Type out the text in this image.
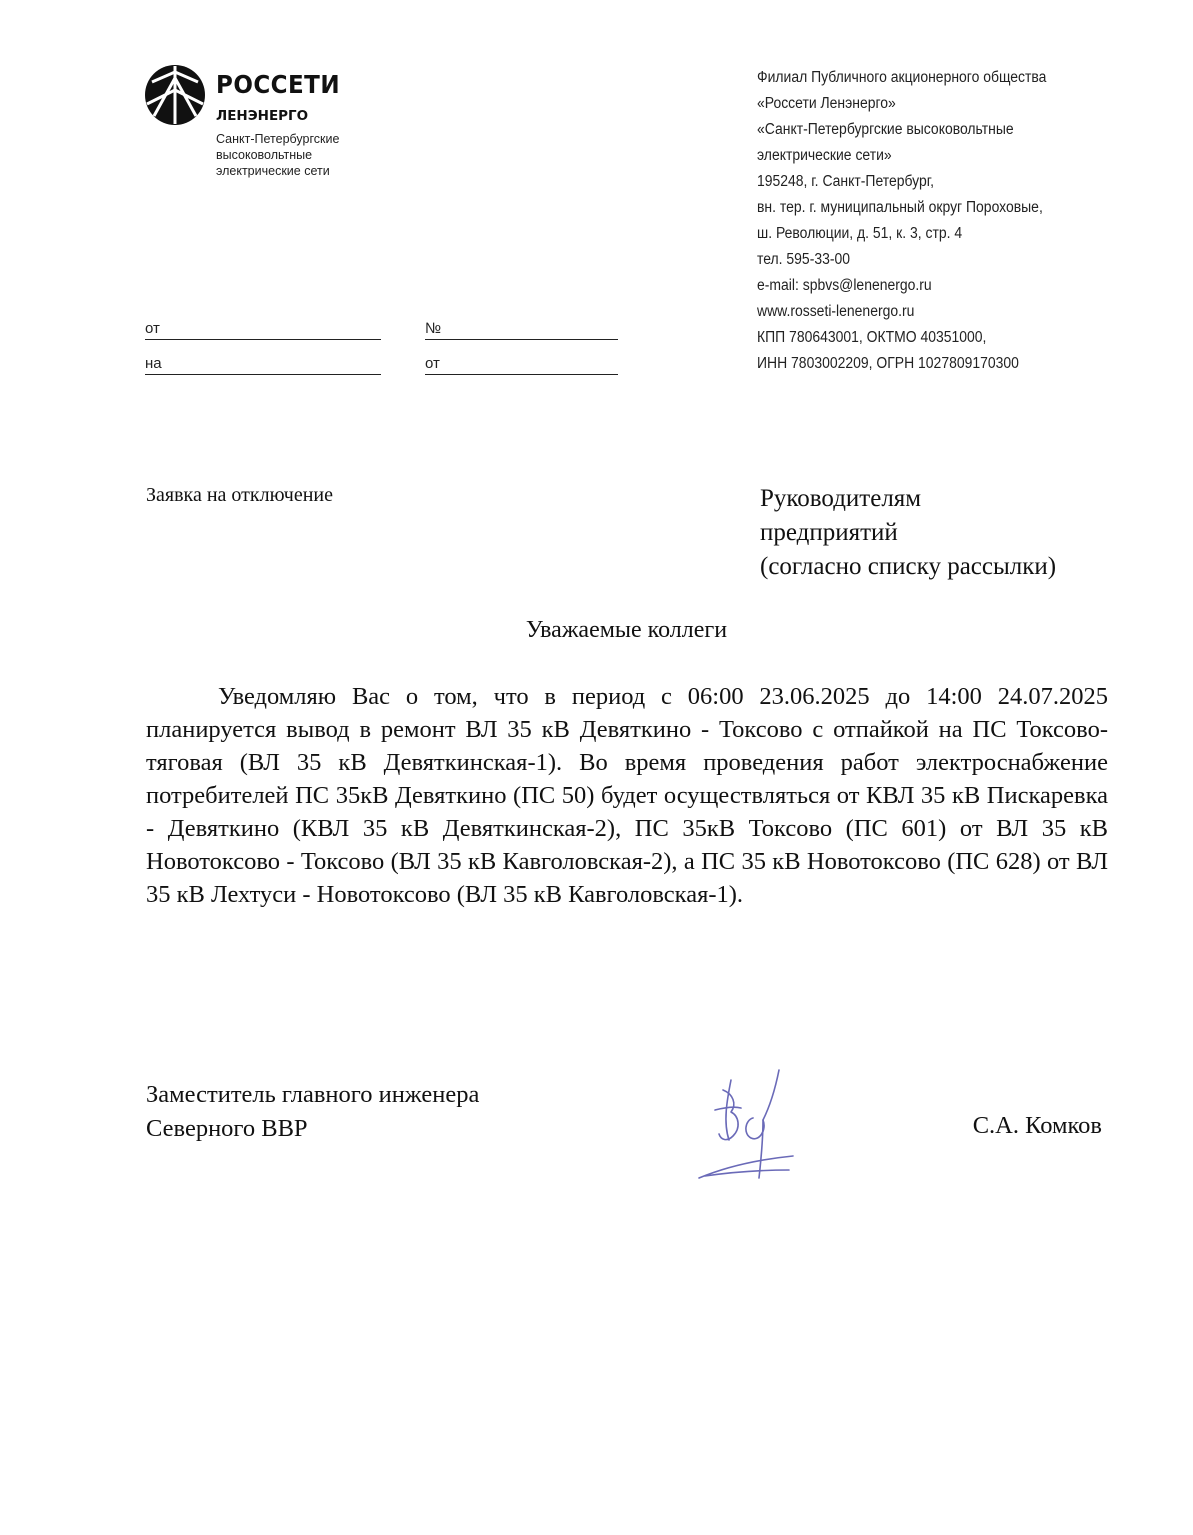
РОССЕТИ
ЛЕНЭНЕРГО
Санкт-Петербургские
высоковольтные
электрические сети
Филиал Публичного акционерного общества
«Россети Ленэнерго»
«Санкт-Петербургские высоковольтные
электрические сети»
195248, г. Санкт-Петербург,
вн. тер. г. муниципальный округ Пороховые,
ш. Революции, д. 51, к. 3, стр. 4
тел. 595-33-00
e-mail: spbvs@lenenergo.ru
www.rosseti-lenenergo.ru
КПП 780643001, ОКТМО 40351000,
ИНН 7803002209, ОГРН 1027809170300
от	№
на	от
Заявка на отключение	Руководителям
предприятий
(согласно списку рассылки)
Уважаемые коллеги
Уведомляю Вас о том, что в период с 06:00 23.06.2025 до 14:00 24.07.2025 планируется вывод в ремонт ВЛ 35 кВ Девяткино - Токсово с отпайкой на ПС Токсово-тяговая (ВЛ 35 кВ Девяткинская-1). Во время проведения работ электроснабжение потребителей ПС 35кВ Девяткино (ПС 50) будет осуществляться от КВЛ 35 кВ Пискаревка - Девяткино (КВЛ 35 кВ Девяткинская-2), ПС 35кВ Токсово (ПС 601) от ВЛ 35 кВ Новотоксово - Токсово (ВЛ 35 кВ Кавголовская-2), а ПС 35 кВ Новотоксово (ПС 628) от ВЛ 35 кВ Лехтуси - Новотоксово (ВЛ 35 кВ Кавголовская-1).
Заместитель главного инженера
Северного ВВР	С.А. Комков
